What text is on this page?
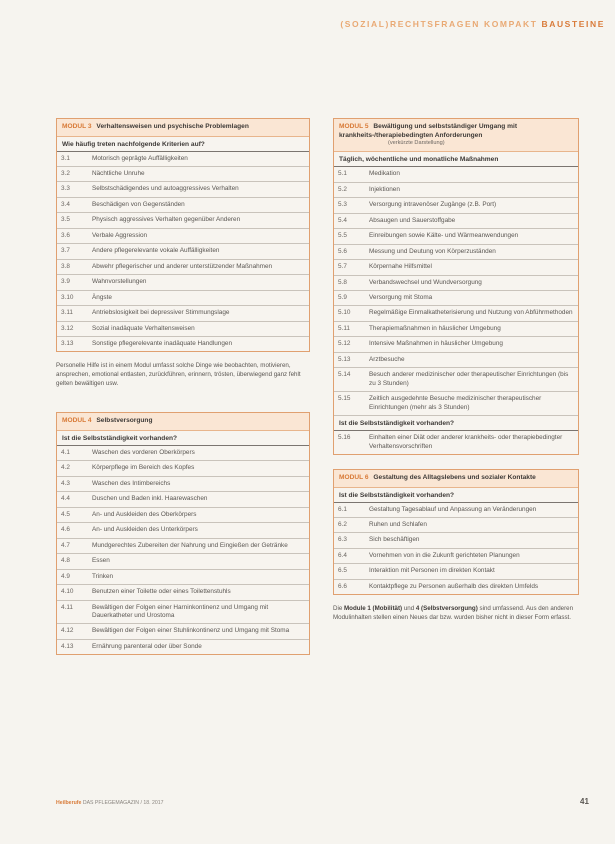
(SOZIAL)RECHTSFRAGEN KOMPAKT BAUSTEINE
MODUL 3 Verhaltensweisen und psychische Problemlagen
Wie häufig treten nachfolgende Kriterien auf?
3.1	Motorisch geprägte Auffälligkeiten
3.2	Nächtliche Unruhe
3.3	Selbstschädigendes und autoaggressives Verhalten
3.4	Beschädigen von Gegenständen
3.5	Physisch aggressives Verhalten gegenüber Anderen
3.6	Verbale Aggression
3.7	Andere pflegerelevante vokale Auffälligkeiten
3.8	Abwehr pflegerischer und anderer unterstützender Maßnahmen
3.9	Wahnvorstellungen
3.10	Ängste
3.11	Antriebslosigkeit bei depressiver Stimmungslage
3.12	Sozial inadäquate Verhaltensweisen
3.13	Sonstige pflegerelevante inadäquate Handlungen
Personelle Hilfe ist in einem Modul umfasst solche Dinge wie beobachten, motivieren, ansprechen, emotional entlasten, zurückführen, erinnern, trösten, überwiegend ganz fehlt gelten bewältigen usw.
MODUL 4 Selbstversorgung
Ist die Selbstständigkeit vorhanden?
4.1	Waschen des vorderen Oberkörpers
4.2	Körperpflege im Bereich des Kopfes
4.3	Waschen des Intimbereichs
4.4	Duschen und Baden inkl. Haarewaschen
4.5	An- und Auskleiden des Oberkörpers
4.6	An- und Auskleiden des Unterkörpers
4.7	Mundgerechtes Zubereiten der Nahrung und Eingießen der Getränke
4.8	Essen
4.9	Trinken
4.10	Benutzen einer Toilette oder eines Toilettenstuhls
4.11	Bewältigen der Folgen einer Harninkontinenz und Umgang mit Dauerkatheter und Urostoma
4.12	Bewältigen der Folgen einer Stuhlinkontinenz und Umgang mit Stoma
4.13	Ernährung parenteral oder über Sonde
MODUL 5 Bewältigung und selbstständiger Umgang mit krankheits-/therapiebedingten Anforderungen
(verkürzte Darstellung)
Täglich, wöchentliche und monatliche Maßnahmen
5.1	Medikation
5.2	Injektionen
5.3	Versorgung intravenöser Zugänge (z.B. Port)
5.4	Absaugen und Sauerstoffgabe
5.5	Einreibungen sowie Kälte- und Wärmeanwendungen
5.6	Messung und Deutung von Körperzuständen
5.7	Körpernahe Hilfsmittel
5.8	Verbandswechsel und Wundversorgung
5.9	Versorgung mit Stoma
5.10	Regelmäßige Einmalkatheterisierung und Nutzung von Abführmethoden
5.11	Therapiemaßnahmen in häuslicher Umgebung
5.12	Intensive Maßnahmen in häuslicher Umgebung
5.13	Arztbesuche
5.14	Besuch anderer medizinischer oder therapeutischer Einrichtungen (bis zu 3 Stunden)
5.15	Zeitlich ausgedehnte Besuche medizinischer therapeutischer Einrichtungen (mehr als 3 Stunden)
Ist die Selbstständigkeit vorhanden?
5.16	Einhalten einer Diät oder anderer krankheits- oder therapiebedingter Verhaltensvorschriften
MODUL 6 Gestaltung des Alltagslebens und sozialer Kontakte
Ist die Selbstständigkeit vorhanden?
6.1	Gestaltung Tagesablauf und Anpassung an Veränderungen
6.2	Ruhen und Schlafen
6.3	Sich beschäftigen
6.4	Vornehmen von in die Zukunft gerichteten Planungen
6.5	Interaktion mit Personen im direkten Kontakt
6.6	Kontaktpflege zu Personen außerhalb des direkten Umfelds
Die Module 1 (Mobilität) und 4 (Selbstversorgung) sind umfassend. Aus den anderen Modulinhalten stellen einen Neues dar bzw. wurden bisher nicht in dieser Form erfasst.
Heilberufe DAS PFLEGEMAGAZIN / 18. 2017	41
